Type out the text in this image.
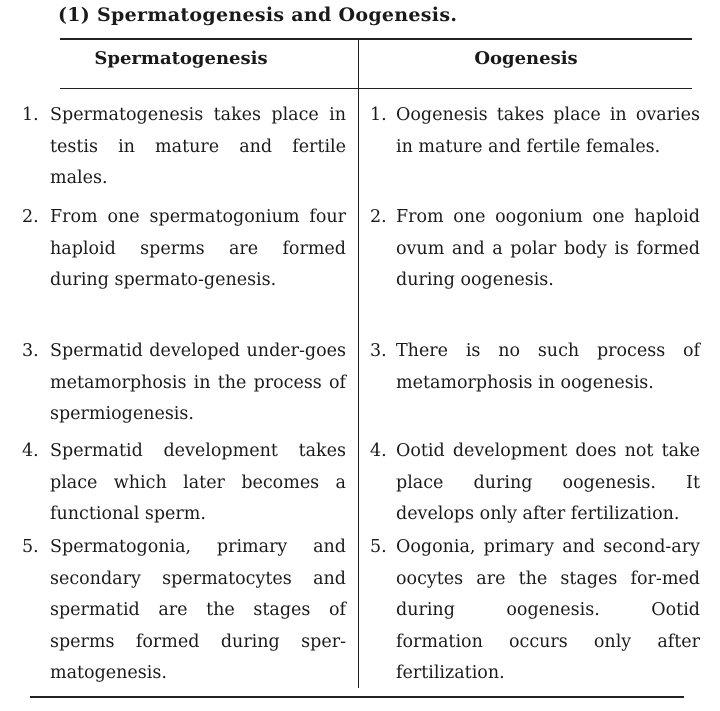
(1) Spermatogenesis and Oogenesis.
Spermatogenesis	Oogenesis
1. Spermatogenesis takes place in testis in mature and fertile males.
2. From one spermatogonium four haploid sperms are formed during spermato-genesis.
3. Spermatid developed under-goes metamorphosis in the process of spermiogenesis.
4. Spermatid development takes place which later becomes a functional sperm.
5. Spermatogonia, primary and secondary spermatocytes and spermatid are the stages of sperms formed during sper-matogenesis.
1. Oogenesis takes place in ovaries in mature and fertile females.
2. From one oogonium one haploid ovum and a polar body is formed during oogenesis.
3. There is no such process of metamorphosis in oogenesis.
4. Ootid development does not take place during oogenesis. It develops only after fertilization.
5. Oogonia, primary and second-ary oocytes are the stages for-med during oogenesis. Ootid formation occurs only after fertilization.
